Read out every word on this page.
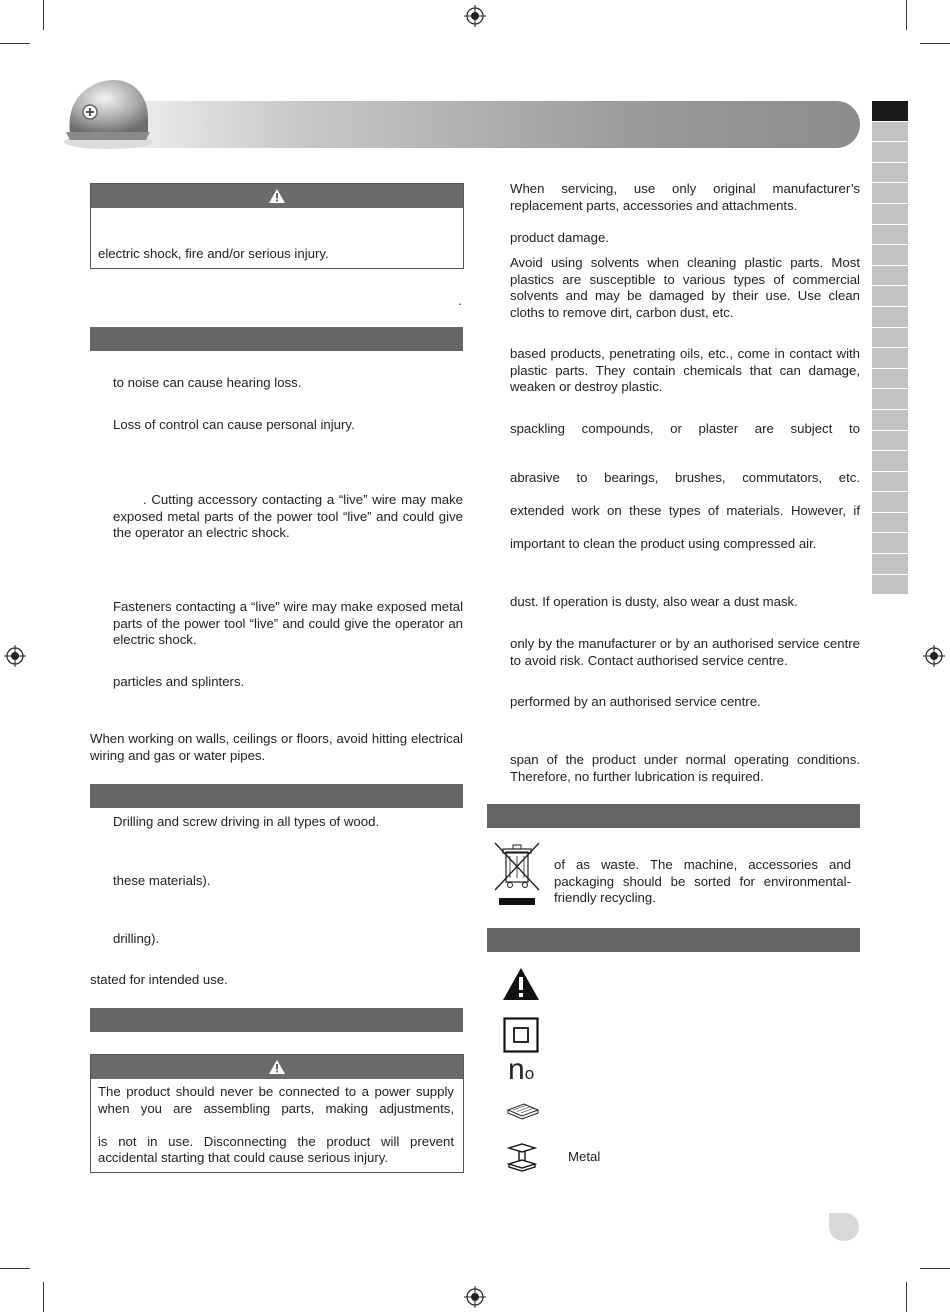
electric shock, fire and/or serious injury.
.
to noise can cause hearing loss.
Loss of control can cause personal injury.
. Cutting accessory contacting a “live” wire may make exposed metal parts of the power tool “live” and could give the operator an electric shock.
Fasteners contacting a “live” wire may make exposed metal parts of the power tool “live” and could give the operator an electric shock.
particles and splinters.
When working on walls, ceilings or floors, avoid hitting electrical wiring and gas or water pipes.
Drilling and screw driving in all types of wood.
these materials).
drilling).
stated for intended use.
The product should never be connected to a power supply
when you are assembling parts, making adjustments,
is not in use. Disconnecting the product will prevent
accidental starting that could cause serious injury.
When servicing, use only original manufacturer’s replacement parts, accessories and attachments.
product damage.
Avoid using solvents when cleaning plastic parts. Most plastics are susceptible to various types of commercial solvents and may be damaged by their use. Use clean cloths to remove dirt, carbon dust, etc.
based products, penetrating oils, etc., come in contact with plastic parts. They contain chemicals that can damage, weaken or destroy plastic.
spackling compounds, or plaster are subject to
abrasive to bearings, brushes, commutators, etc.
extended work on these types of materials. However, if
important to clean the product using compressed air.
dust. If operation is dusty, also wear a dust mask.
only by the manufacturer or by an authorised service centre to avoid risk. Contact authorised service centre.
performed by an authorised service centre.
span of the product under normal operating conditions. Therefore, no further lubrication is required.
of as waste. The machine, accessories and packaging should be sorted for environmental-friendly recycling.
no
Metal
